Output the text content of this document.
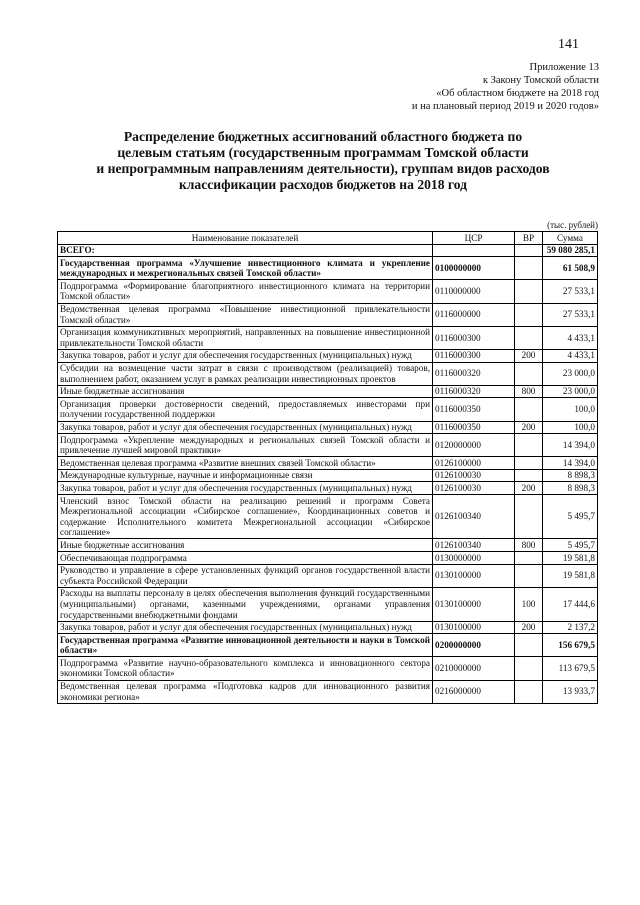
141
Приложение 13
к Закону Томской области
«Об областном бюджете на 2018 год
и на плановый период 2019 и 2020 годов»
Распределение бюджетных ассигнований областного бюджета по
целевым статьям (государственным программам Томской области
и непрограммным направлениям деятельности), группам видов расходов
классификации расходов бюджетов на 2018 год
(тыс. рублей)
Наименование показателей	ЦСР	ВР	Сумма
ВСЕГО:			59 080 285,1
Государственная программа «Улучшение инвестиционного климата и укрепление международных и межрегиональных связей Томской области»	0100000000		61 508,9
Подпрограмма «Формирование благоприятного инвестиционного климата на территории Томской области»	0110000000		27 533,1
Ведомственная целевая программа «Повышение инвестиционной привлекательности Томской области»	0116000000		27 533,1
Организация коммуникативных мероприятий, направленных на повышение инвестиционной привлекательности Томской области	0116000300		4 433,1
Закупка товаров, работ и услуг для обеспечения государственных (муниципальных) нужд	0116000300	200	4 433,1
Субсидии на возмещение части затрат в связи с производством (реализацией) товаров, выполнением работ, оказанием услуг в рамках реализации инвестиционных проектов	0116000320		23 000,0
Иные бюджетные ассигнования	0116000320	800	23 000,0
Организация проверки достоверности сведений, предоставляемых инвесторами при получении государственной поддержки	0116000350		100,0
Закупка товаров, работ и услуг для обеспечения государственных (муниципальных) нужд	0116000350	200	100,0
Подпрограмма «Укрепление международных и региональных связей Томской области и привлечение лучшей мировой практики»	0120000000		14 394,0
Ведомственная целевая программа «Развитие внешних связей Томской области»	0126100000		14 394,0
Международные культурные, научные и информационные связи	0126100030		8 898,3
Закупка товаров, работ и услуг для обеспечения государственных (муниципальных) нужд	0126100030	200	8 898,3
Членский взнос Томской области на реализацию решений и программ Совета Межрегиональной ассоциации «Сибирское соглашение», Координационных советов и содержание Исполнительного комитета Межрегиональной ассоциации «Сибирское соглашение»	0126100340		5 495,7
Иные бюджетные ассигнования	0126100340	800	5 495,7
Обеспечивающая подпрограмма	0130000000		19 581,8
Руководство и управление в сфере установленных функций органов государственной власти субъекта Российской Федерации	0130100000		19 581,8
Расходы на выплаты персоналу в целях обеспечения выполнения функций государственными (муниципальными) органами, казенными учреждениями, органами управления государственными внебюджетными фондами	0130100000	100	17 444,6
Закупка товаров, работ и услуг для обеспечения государственных (муниципальных) нужд	0130100000	200	2 137,2
Государственная программа «Развитие инновационной деятельности и науки в Томской области»	0200000000		156 679,5
Подпрограмма «Развитие научно-образовательного комплекса и инновационного сектора экономики Томской области»	0210000000		113 679,5
Ведомственная целевая программа «Подготовка кадров для инновационного развития экономики региона»	0216000000		13 933,7
